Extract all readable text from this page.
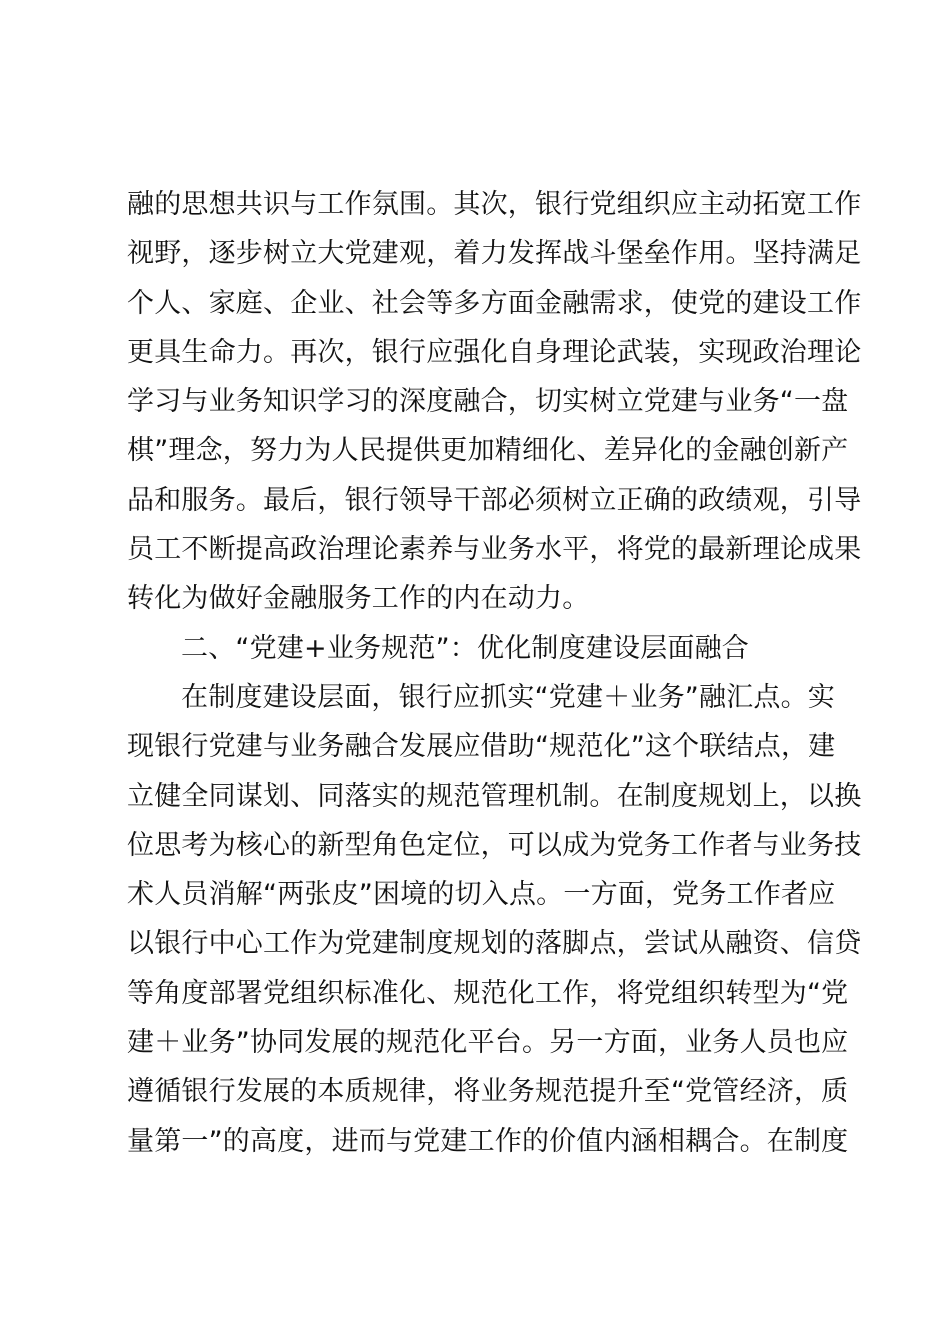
融的思想共识与工作氛围。其次，银行党组织应主动拓宽工作
视野，逐步树立大党建观，着力发挥战斗堡垒作用。坚持满足
个人、家庭、企业、社会等多方面金融需求，使党的建设工作
更具生命力。再次，银行应强化自身理论武装，实现政治理论
学习与业务知识学习的深度融合，切实树立党建与业务“一盘
棋”理念，努力为人民提供更加精细化、差异化的金融创新产
品和服务。最后，银行领导干部必须树立正确的政绩观，引导
员工不断提高政治理论素养与业务水平，将党的最新理论成果
转化为做好金融服务工作的内在动力。
二、“党建+业务规范”：优化制度建设层面融合
在制度建设层面，银行应抓实“党建＋业务”融汇点。实
现银行党建与业务融合发展应借助“规范化”这个联结点，建
立健全同谋划、同落实的规范管理机制。在制度规划上，以换
位思考为核心的新型角色定位，可以成为党务工作者与业务技
术人员消解“两张皮”困境的切入点。一方面，党务工作者应
以银行中心工作为党建制度规划的落脚点，尝试从融资、信贷
等角度部署党组织标准化、规范化工作，将党组织转型为“党
建＋业务”协同发展的规范化平台。另一方面，业务人员也应
遵循银行发展的本质规律，将业务规范提升至“党管经济，质
量第一”的高度，进而与党建工作的价值内涵相耦合。在制度
